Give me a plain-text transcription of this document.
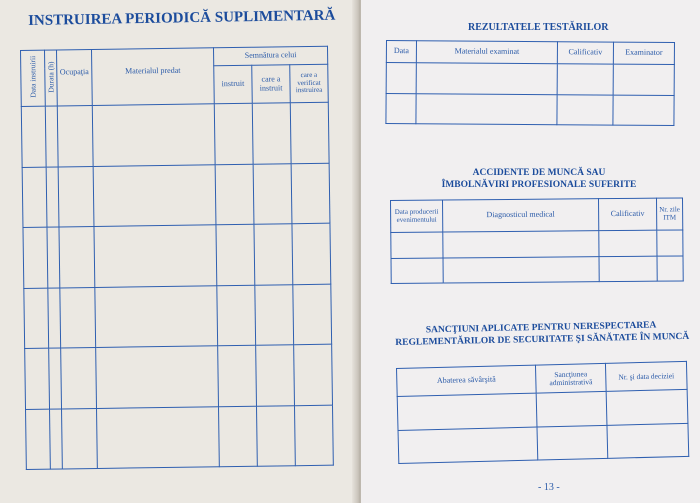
INSTRUIREA PERIODICĂ SUPLIMENTARĂ
Data instruirii	Durata (h)	Ocupaţia	Materialul predat	Semnătura celui		
				instruit	care a instruit	care a verificat instruirea

REZULTATELE TESTĂRILOR
Data	Materialul examinat	Calificativ	Examinator

ACCIDENTE DE MUNCĂ SAU
ÎMBOLNĂVIRI PROFESIONALE SUFERITE
Data producerii evenimentului	Diagnosticul medical	Calificativ	Nr. zile ITM

SANCŢIUNI APLICATE PENTRU NERESPECTAREA
REGLEMENTĂRILOR DE SECURITATE ŞI SĂNĂTATE ÎN MUNCĂ
Abaterea săvârşită	Sancţiunea administrativă	Nr. şi data deciziei

- 13 -
